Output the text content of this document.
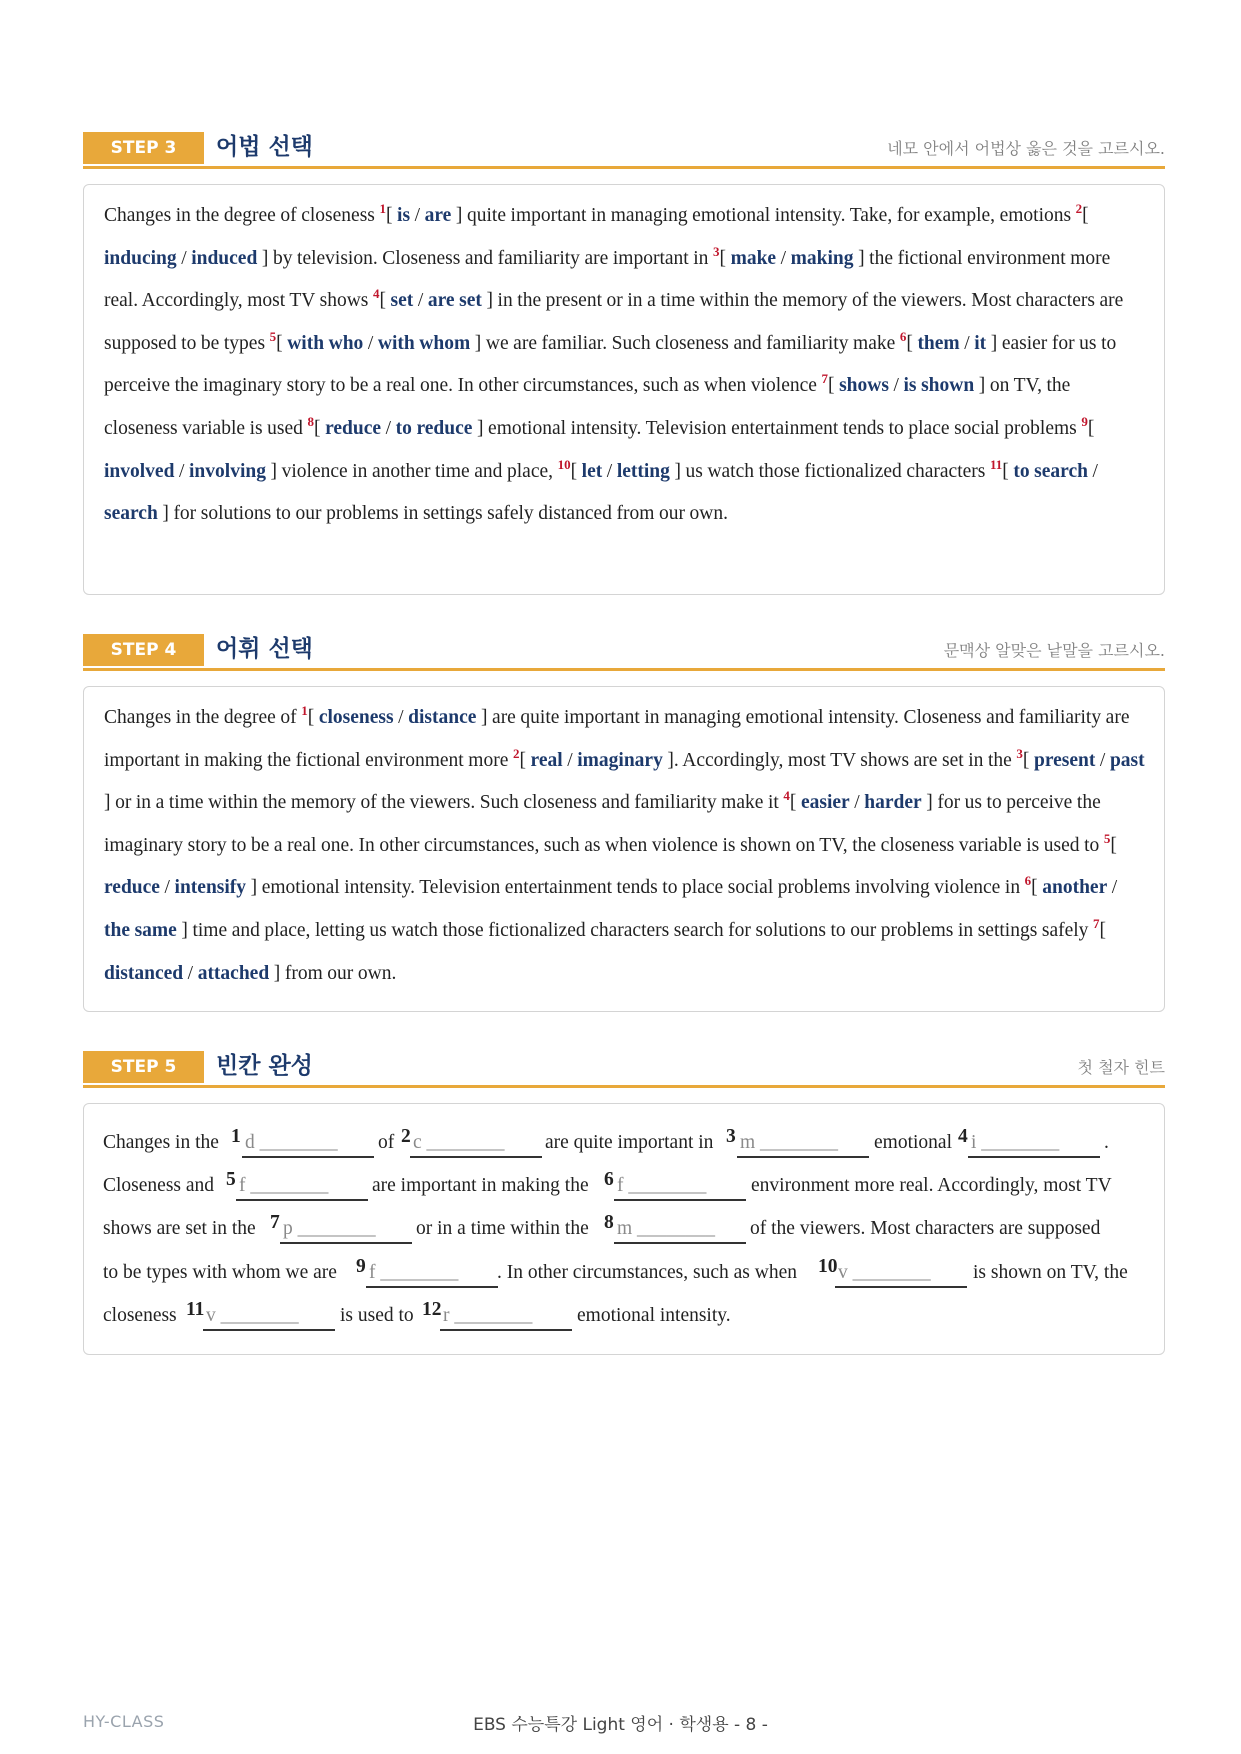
STEP 3	어법 선택	네모 안에서 어법상 옳은 것을 고르시오.
Changes in the degree of closeness $^1$[ is / are ] quite important in managing emotional intensity. Take, for example, emotions $^2$[ inducing / induced ] by television. Closeness and familiarity are important in $^3$[ make / making ] the fictional environment more real. Accordingly, most TV shows $^4$[ set / are set ] in the present or in a time within the memory of the viewers. Most characters are supposed to be types $^5$[ with who / with whom ] we are familiar. Such closeness and familiarity make $^6$[ them / it ] easier for us to perceive the imaginary story to be a real one. In other circumstances, such as when violence $^7$[ shows / is shown ] on TV, the closeness variable is used $^8$[ reduce / to reduce ] emotional intensity. Television entertainment tends to place social problems $^9$[ involved / involving ] violence in another time and place, $^{10}$[ let / letting ] us watch those fictionalized characters $^{11}$[ to search / search ] for solutions to our problems in settings safely distanced from our own.
STEP 4	어휘 선택	문맥상 알맞은 낱말을 고르시오.
Changes in the degree of $^1$[ closeness / distance ] are quite important in managing emotional intensity. Closeness and familiarity are important in making the fictional environment more $^2$[ real / imaginary ]. Accordingly, most TV shows are set in the $^3$[ present / past ] or in a time within the memory of the viewers. Such closeness and familiarity make it $^4$[ easier / harder ] for us to perceive the imaginary story to be a real one. In other circumstances, such as when violence is shown on TV, the closeness variable is used to $^5$[ reduce / intensify ] emotional intensity. Television entertainment tends to place social problems involving violence in $^6$[ another / the same ] time and place, letting us watch those fictionalized characters search for solutions to our problems in settings safely $^7$[ distanced / attached ] from our own.
STEP 5	빈칸 완성	첫 철자 힌트
Changes in the 1 d ________ of 2 c ________ are quite important in 3 m ________ emotional 4 i ________ .
Closeness and 5 f ________ are important in making the 6 f ________ environment more real. Accordingly, most TV
shows are set in the 7 p ________ or in a time within the 8 m ________ of the viewers. Most characters are supposed
to be types with whom we are 9 f ________ . In other circumstances, such as when 10 v ________ is shown on TV, the
closeness 11 v ________ is used to 12 r ________ emotional intensity.
HY-CLASS	EBS 수능특강 Light 영어 · 학생용 - 8 -
